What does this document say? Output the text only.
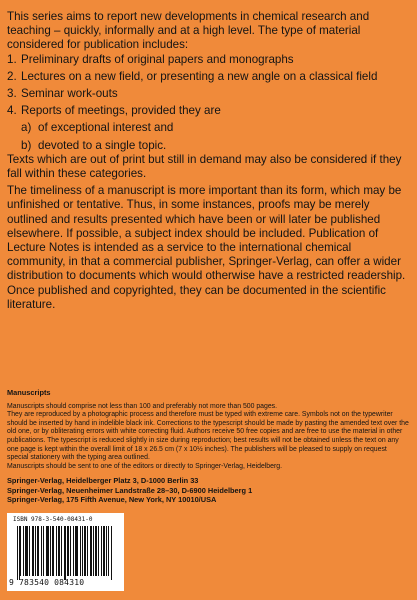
This series aims to report new developments in chemical research and teaching – quickly, informally and at a high level. The type of material considered for publication includes:

1. Preliminary drafts of original papers and monographs
2. Lectures on a new field, or presenting a new angle on a classical field
3. Seminar work-outs
4. Reports of meetings, provided they are
a) of exceptional interest and
b) devoted to a single topic.

Texts which are out of print but still in demand may also be considered if they fall within these categories.

The timeliness of a manuscript is more important than its form, which may be unfinished or tentative. Thus, in some instances, proofs may be merely outlined and results presented which have been or will later be published elsewhere. If possible, a subject index should be included. Publication of Lecture Notes is intended as a service to the international chemical community, in that a commercial publisher, Springer-Verlag, can offer a wider distribution to documents which would otherwise have a restricted readership. Once published and copyrighted, they can be documented in the scientific literature.

Manuscripts

Manuscripts should comprise not less than 100 and preferably not more than 500 pages.

They are reproduced by a photographic process and therefore must be typed with extreme care. Symbols not on the typewriter should be inserted by hand in indelible black ink. Corrections to the typescript should be made by pasting the amended text over the old one, or by obliterating errors with white correcting fluid. Authors receive 50 free copies and are free to use the material in other publications. The typescript is reduced slightly in size during reproduction; best results will not be obtained unless the text on any one page is kept within the overall limit of 18 x 26.5 cm (7 x 10½ inches). The publishers will be pleased to supply on request special stationery with the typing area outlined.

Manuscripts should be sent to one of the editors or directly to Springer-Verlag, Heidelberg.

Springer-Verlag, Heidelberger Platz 3, D-1000 Berlin 33

Springer-Verlag, Neuenheimer Landstraße 28–30, D-6900 Heidelberg 1

Springer-Verlag, 175 Fifth Avenue, New York, NY 10010/USA

ISBN 978-3-540-08431-0
9 783540 084310
